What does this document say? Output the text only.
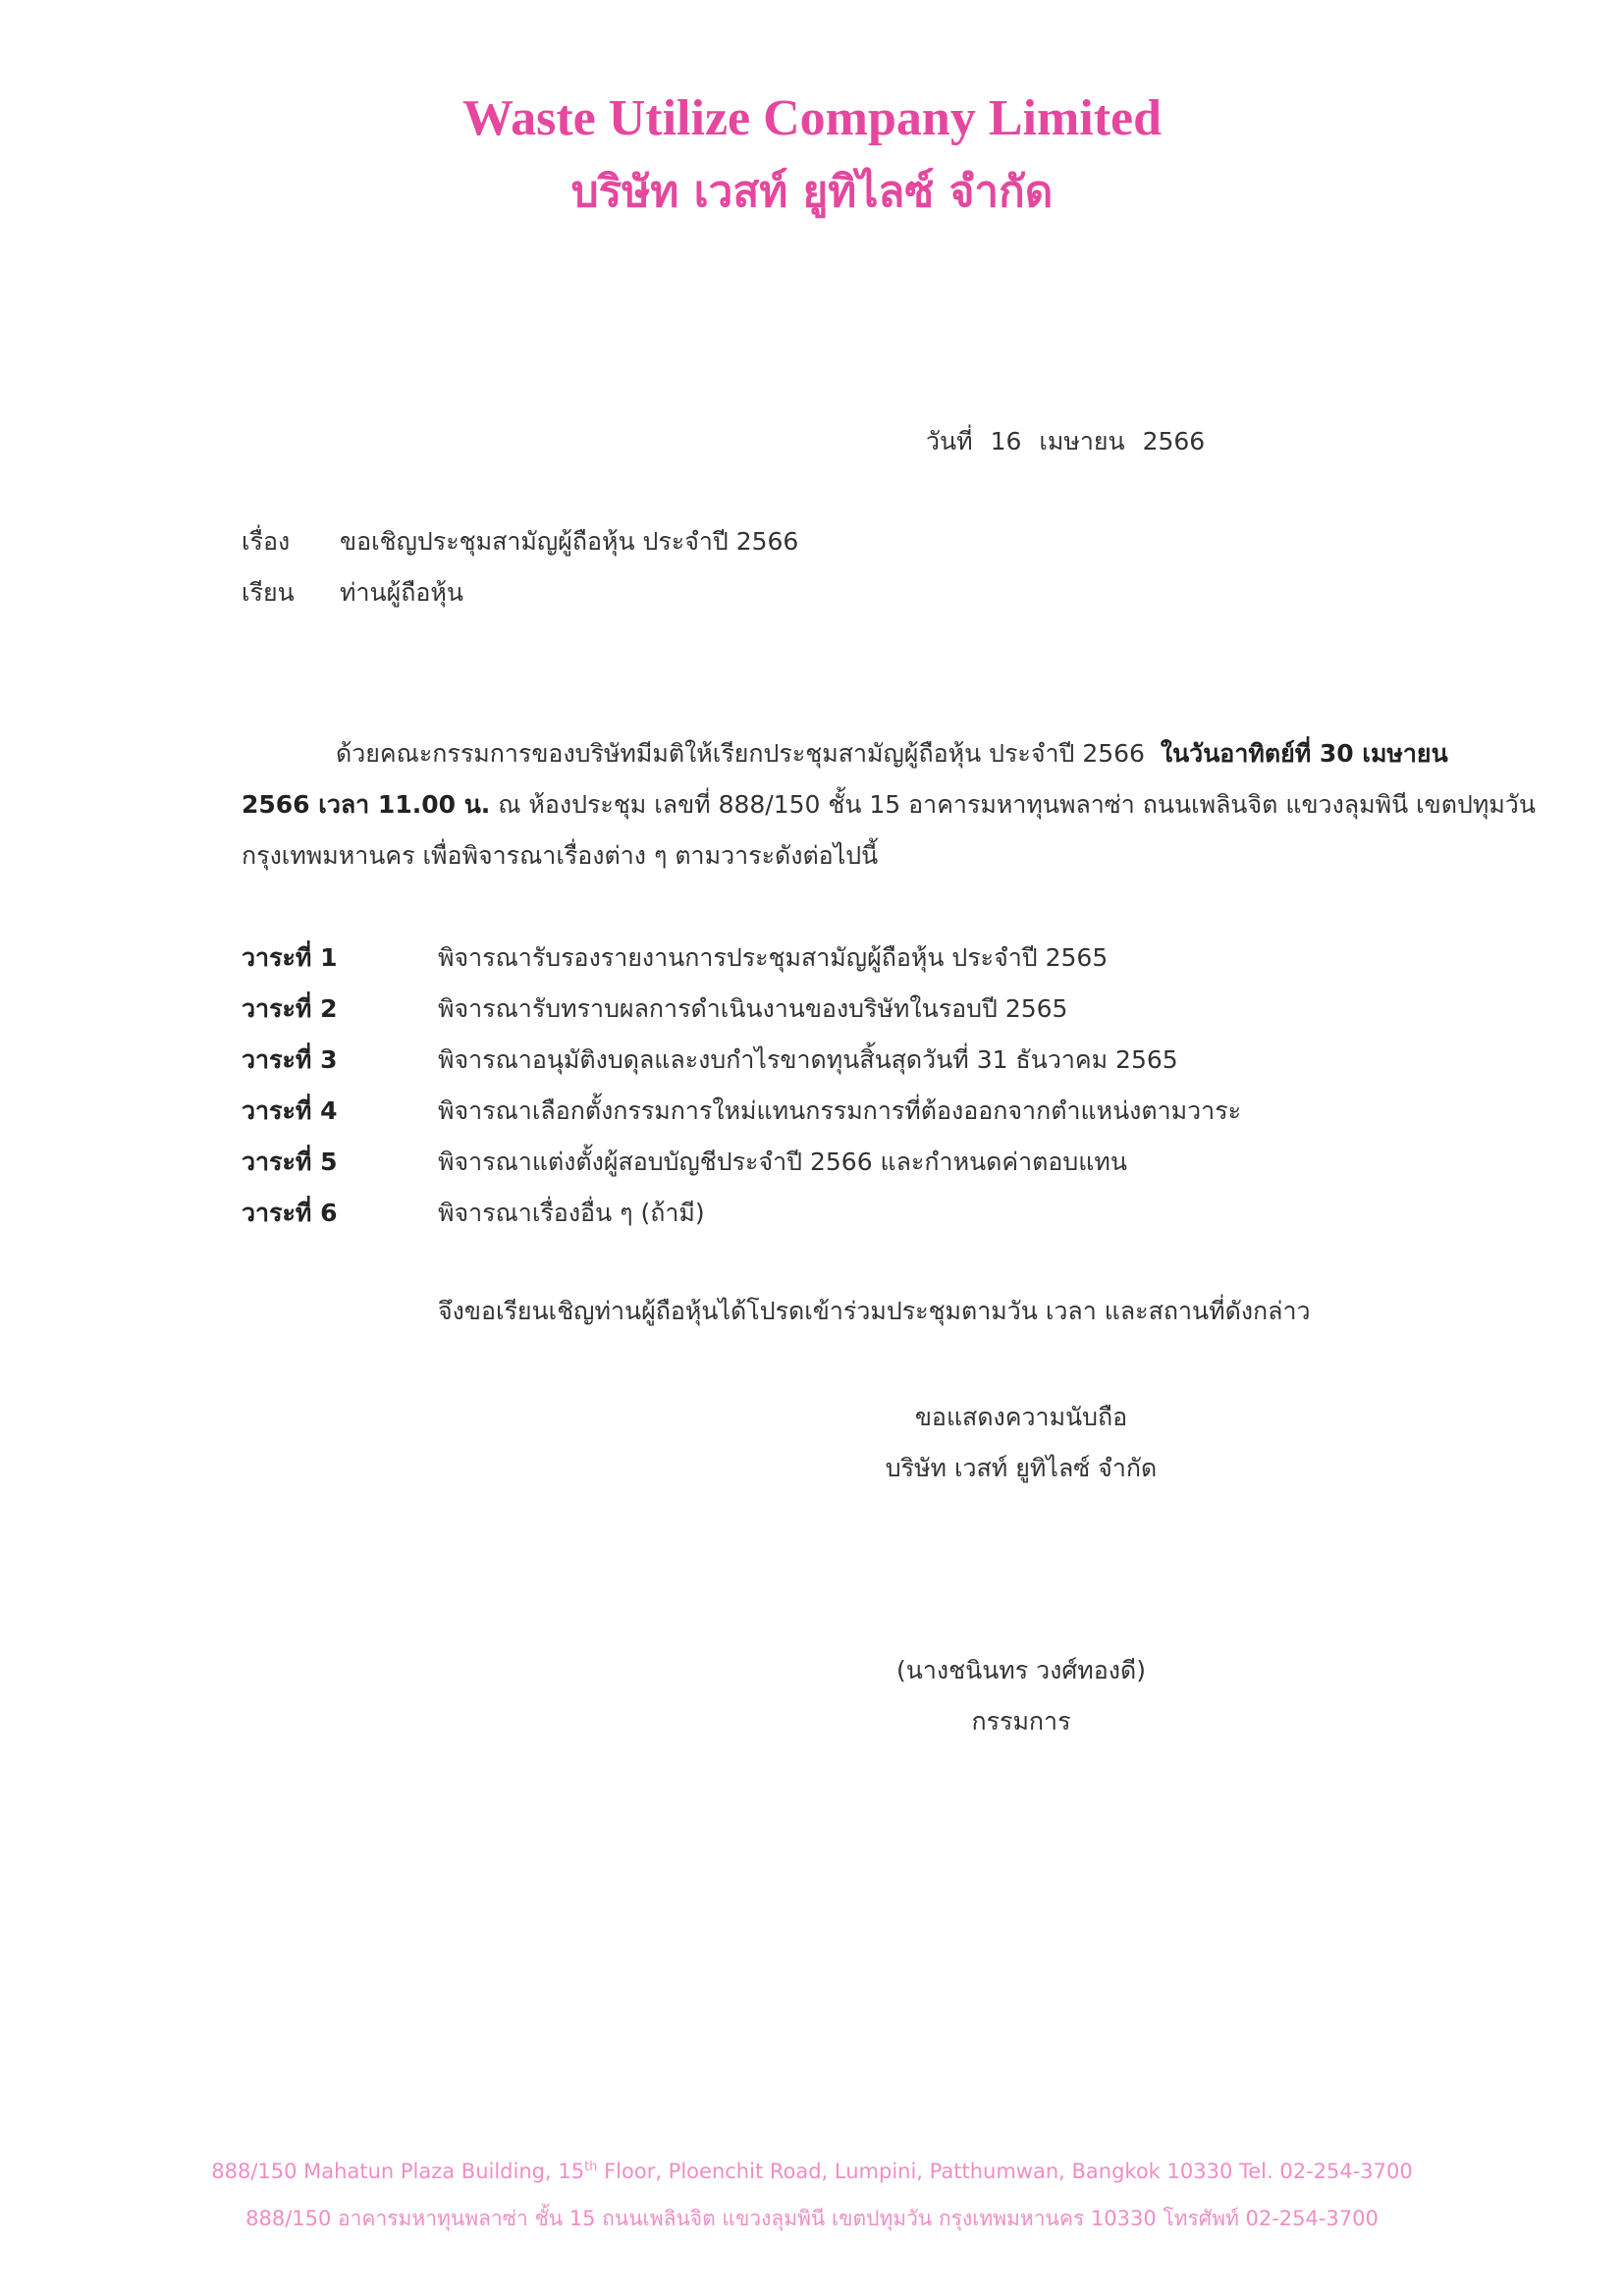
Waste Utilize Company Limited
บริษัท เวสท์ ยูทิไลซ์ จำกัด
วันที่ 16 เมษายน 2566
เรื่อง ขอเชิญประชุมสามัญผู้ถือหุ้น ประจำปี 2566
เรียน ท่านผู้ถือหุ้น
ด้วยคณะกรรมการของบริษัทมีมติให้เรียกประชุมสามัญผู้ถือหุ้น ประจำปี 2566 ในวันอาทิตย์ที่ 30 เมษายน
2566 เวลา 11.00 น. ณ ห้องประชุม เลขที่ 888/150 ชั้น 15 อาคารมหาทุนพลาซ่า ถนนเพลินจิต แขวงลุมพินี เขตปทุมวัน
กรุงเทพมหานคร เพื่อพิจารณาเรื่องต่าง ๆ ตามวาระดังต่อไปนี้
วาระที่ 1	พิจารณารับรองรายงานการประชุมสามัญผู้ถือหุ้น ประจำปี 2565
วาระที่ 2	พิจารณารับทราบผลการดำเนินงานของบริษัทในรอบปี 2565
วาระที่ 3	พิจารณาอนุมัติงบดุลและงบกำไรขาดทุนสิ้นสุดวันที่ 31 ธันวาคม 2565
วาระที่ 4	พิจารณาเลือกตั้งกรรมการใหม่แทนกรรมการที่ต้องออกจากตำแหน่งตามวาระ
วาระที่ 5	พิจารณาแต่งตั้งผู้สอบบัญชีประจำปี 2566 และกำหนดค่าตอบแทน
วาระที่ 6	พิจารณาเรื่องอื่น ๆ (ถ้ามี)
จึงขอเรียนเชิญท่านผู้ถือหุ้นได้โปรดเข้าร่วมประชุมตามวัน เวลา และสถานที่ดังกล่าว
ขอแสดงความนับถือ
บริษัท เวสท์ ยูทิไลซ์ จำกัด
(นางชนินทร วงศ์ทองดี)
กรรมการ
888/150 Mahatun Plaza Building, 15th Floor, Ploenchit Road, Lumpini, Patthumwan, Bangkok 10330 Tel. 02-254-3700
888/150 อาคารมหาทุนพลาซ่า ชั้น 15 ถนนเพลินจิต แขวงลุมพินี เขตปทุมวัน กรุงเทพมหานคร 10330 โทรศัพท์ 02-254-3700
